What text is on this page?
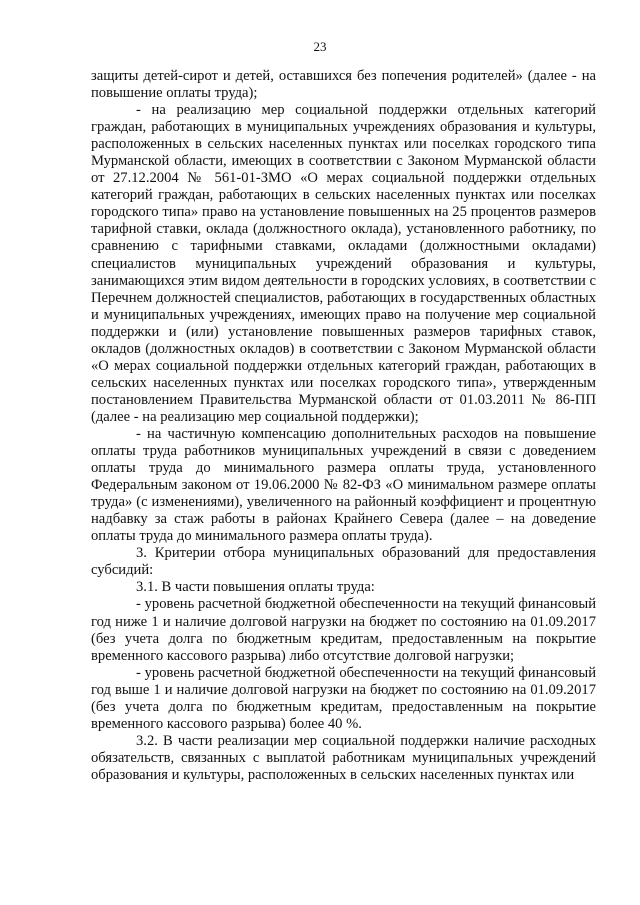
23

защиты детей-сирот и детей, оставшихся без попечения родителей» (далее - на повышение оплаты труда);

- на реализацию мер социальной поддержки отдельных категорий граждан, работающих в муниципальных учреждениях образования и культуры, расположенных в сельских населенных пунктах или поселках городского типа Мурманской области, имеющих в соответствии с Законом Мурманской области от 27.12.2004 № 561-01-ЗМО «О мерах социальной поддержки отдельных категорий граждан, работающих в сельских населенных пунктах или поселках городского типа» право на установление повышенных на 25 процентов размеров тарифной ставки, оклада (должностного оклада), установленного работнику, по сравнению с тарифными ставками, окладами (должностными окладами) специалистов муниципальных учреждений образования и культуры, занимающихся этим видом деятельности в городских условиях, в соответствии с Перечнем должностей специалистов, работающих в государственных областных и муниципальных учреждениях, имеющих право на получение мер социальной поддержки и (или) установление повышенных размеров тарифных ставок, окладов (должностных окладов) в соответствии с Законом Мурманской области «О мерах социальной поддержки отдельных категорий граждан, работающих в сельских населенных пунктах или поселках городского типа», утвержденным постановлением Правительства Мурманской области от 01.03.2011 № 86-ПП (далее - на реализацию мер социальной поддержки);

- на частичную компенсацию дополнительных расходов на повышение оплаты труда работников муниципальных учреждений в связи с доведением оплаты труда до минимального размера оплаты труда, установленного Федеральным законом от 19.06.2000 № 82-ФЗ «О минимальном размере оплаты труда» (с изменениями), увеличенного на районный коэффициент и процентную надбавку за стаж работы в районах Крайнего Севера (далее – на доведение оплаты труда до минимального размера оплаты труда).

3. Критерии отбора муниципальных образований для предоставления субсидий:

3.1. В части повышения оплаты труда:

- уровень расчетной бюджетной обеспеченности на текущий финансовый год ниже 1 и наличие долговой нагрузки на бюджет по состоянию на 01.09.2017 (без учета долга по бюджетным кредитам, предоставленным на покрытие временного кассового разрыва) либо отсутствие долговой нагрузки;

- уровень расчетной бюджетной обеспеченности на текущий финансовый год выше 1 и наличие долговой нагрузки на бюджет по состоянию на 01.09.2017 (без учета долга по бюджетным кредитам, предоставленным на покрытие временного кассового разрыва) более 40 %.

3.2. В части реализации мер социальной поддержки наличие расходных обязательств, связанных с выплатой работникам муниципальных учреждений образования и культуры, расположенных в сельских населенных пунктах или
